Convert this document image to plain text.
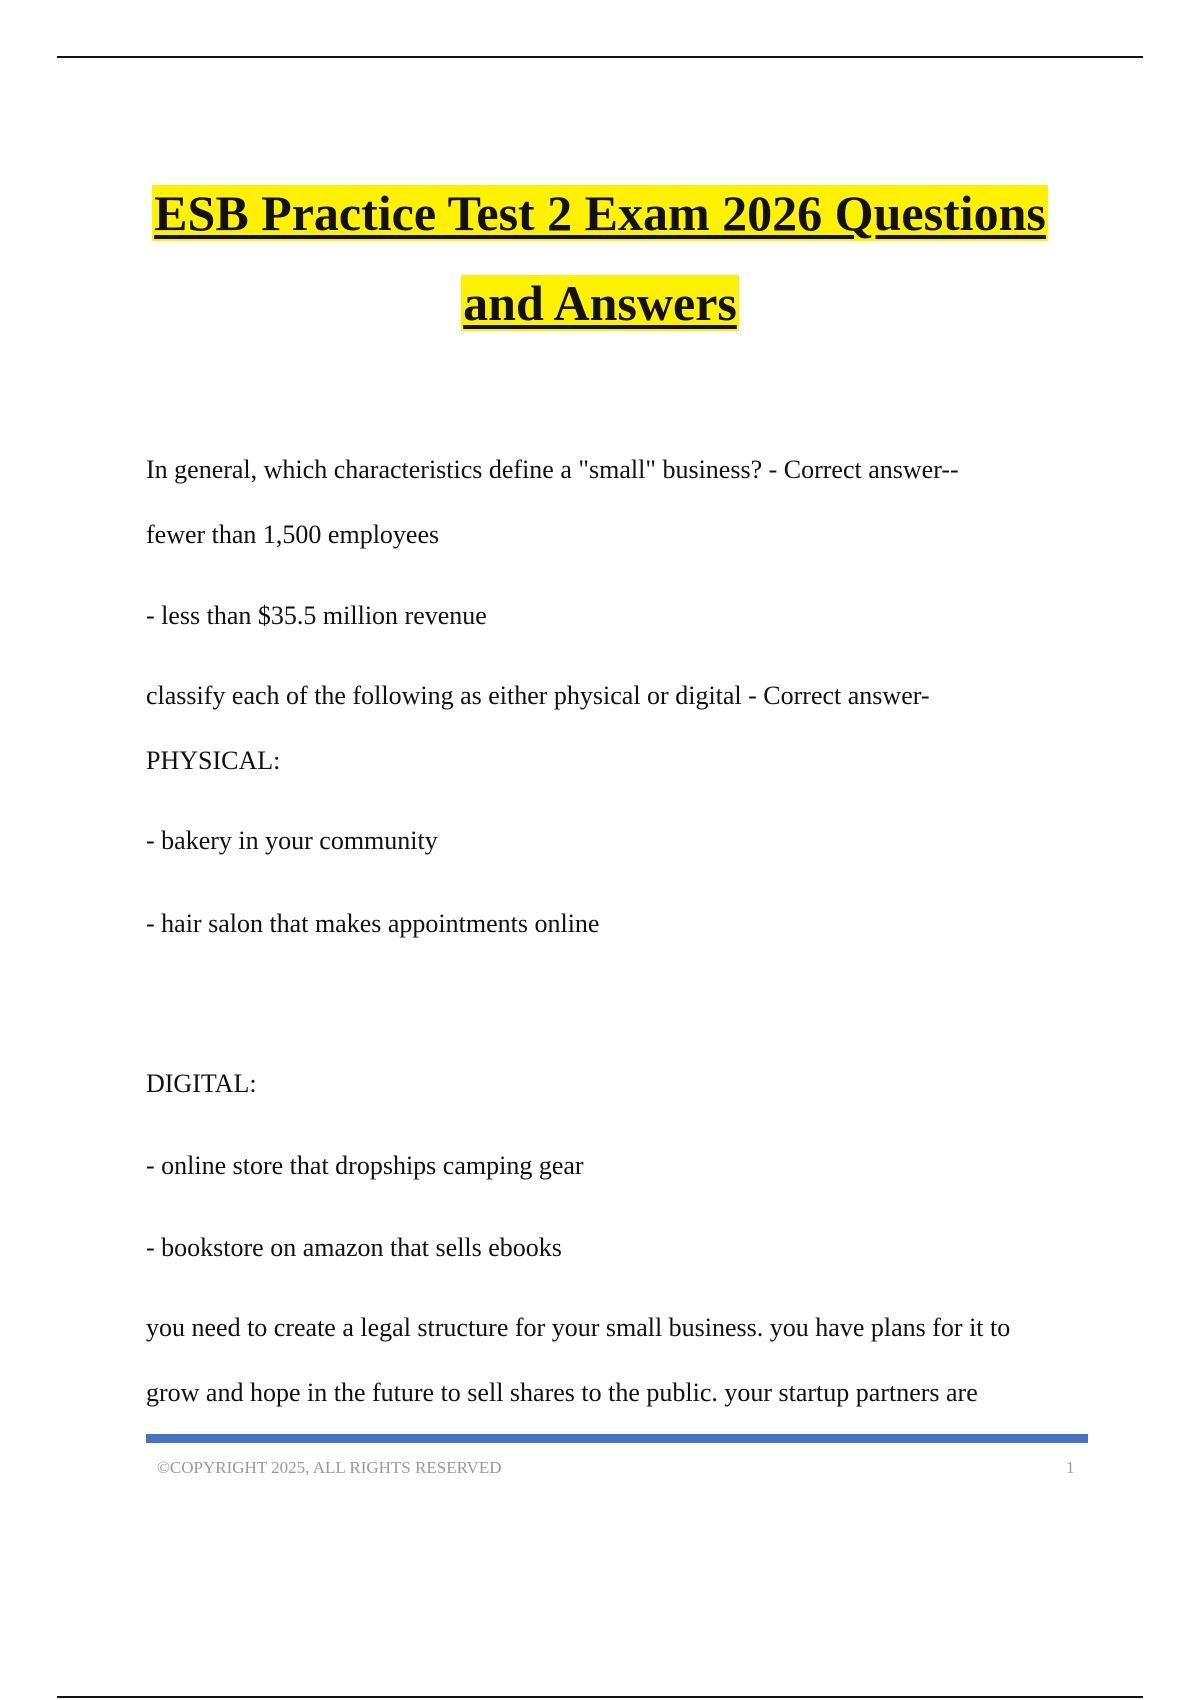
ESB Practice Test 2 Exam 2026 Questions
and Answers

In general, which characteristics define a "small" business? - Correct answer--

fewer than 1,500 employees

- less than $35.5 million revenue

classify each of the following as either physical or digital - Correct answer-

PHYSICAL:

- bakery in your community

- hair salon that makes appointments online

DIGITAL:

- online store that dropships camping gear

- bookstore on amazon that sells ebooks

you need to create a legal structure for your small business. you have plans for it to

grow and hope in the future to sell shares to the public. your startup partners are

©COPYRIGHT 2025, ALL RIGHTS RESERVED	1
